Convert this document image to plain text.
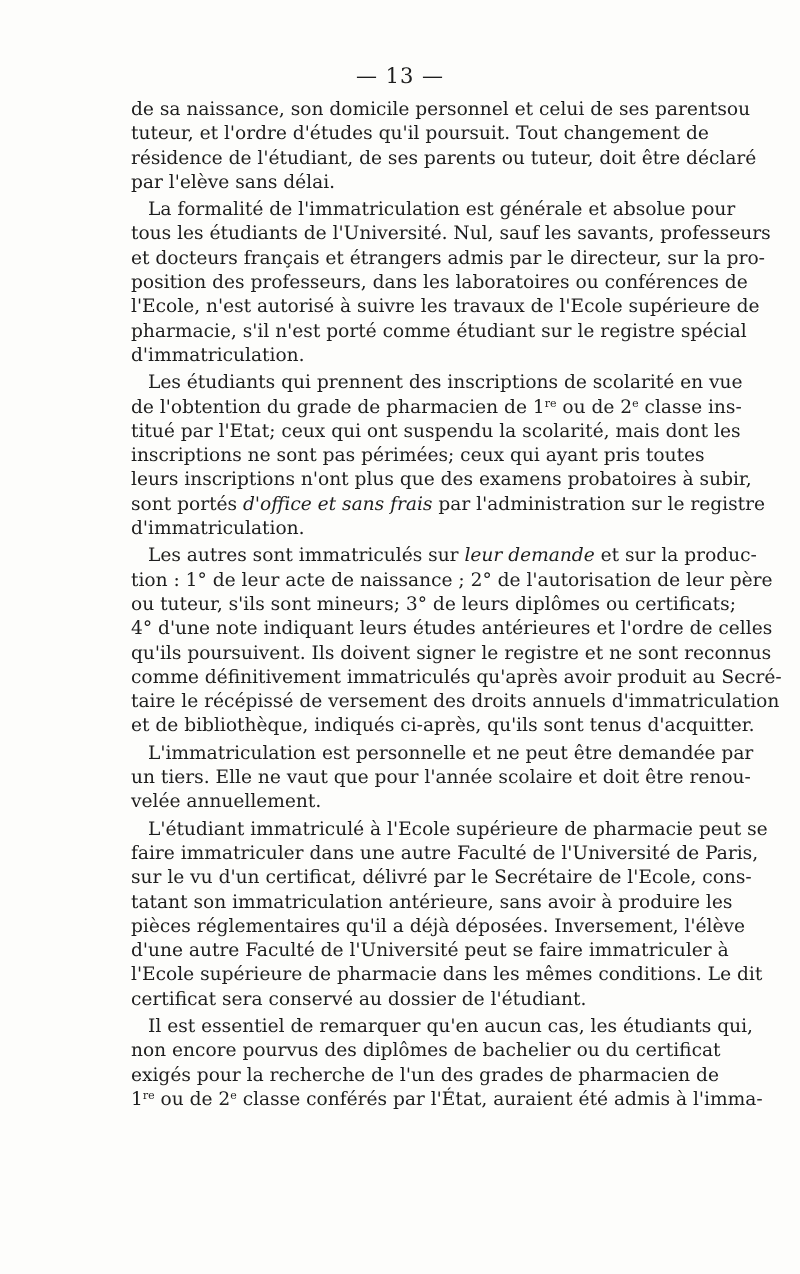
— 13 —
de sa naissance, son domicile personnel et celui de ses parentsou
tuteur, et l'ordre d'études qu'il poursuit. Tout changement de
résidence de l'étudiant, de ses parents ou tuteur, doit être déclaré
par l'elève sans délai.
La formalité de l'immatriculation est générale et absolue pour
tous les étudiants de l'Université. Nul, sauf les savants, professeurs
et docteurs français et étrangers admis par le directeur, sur la pro-
position des professeurs, dans les laboratoires ou conférences de
l'Ecole, n'est autorisé à suivre les travaux de l'Ecole supérieure de
pharmacie, s'il n'est porté comme étudiant sur le registre spécial
d'immatriculation.
Les étudiants qui prennent des inscriptions de scolarité en vue
de l'obtention du grade de pharmacien de 1re ou de 2e classe ins-
titué par l'Etat; ceux qui ont suspendu la scolarité, mais dont les
inscriptions ne sont pas périmées; ceux qui ayant pris toutes
leurs inscriptions n'ont plus que des examens probatoires à subir,
sont portés d'office et sans frais par l'administration sur le registre
d'immatriculation.
Les autres sont immatriculés sur leur demande et sur la produc-
tion : 1° de leur acte de naissance ; 2° de l'autorisation de leur père
ou tuteur, s'ils sont mineurs; 3° de leurs diplômes ou certificats;
4° d'une note indiquant leurs études antérieures et l'ordre de celles
qu'ils poursuivent. Ils doivent signer le registre et ne sont reconnus
comme définitivement immatriculés qu'après avoir produit au Secré-
taire le récépissé de versement des droits annuels d'immatriculation
et de bibliothèque, indiqués ci-après, qu'ils sont tenus d'acquitter.
L'immatriculation est personnelle et ne peut être demandée par
un tiers. Elle ne vaut que pour l'année scolaire et doit être renou-
velée annuellement.
L'étudiant immatriculé à l'Ecole supérieure de pharmacie peut se
faire immatriculer dans une autre Faculté de l'Université de Paris,
sur le vu d'un certificat, délivré par le Secrétaire de l'Ecole, cons-
tatant son immatriculation antérieure, sans avoir à produire les
pièces réglementaires qu'il a déjà déposées. Inversement, l'élève
d'une autre Faculté de l'Université peut se faire immatriculer à
l'Ecole supérieure de pharmacie dans les mêmes conditions. Le dit
certificat sera conservé au dossier de l'étudiant.
Il est essentiel de remarquer qu'en aucun cas, les étudiants qui,
non encore pourvus des diplômes de bachelier ou du certificat
exigés pour la recherche de l'un des grades de pharmacien de
1re ou de 2e classe conférés par l'État, auraient été admis à l'imma-
